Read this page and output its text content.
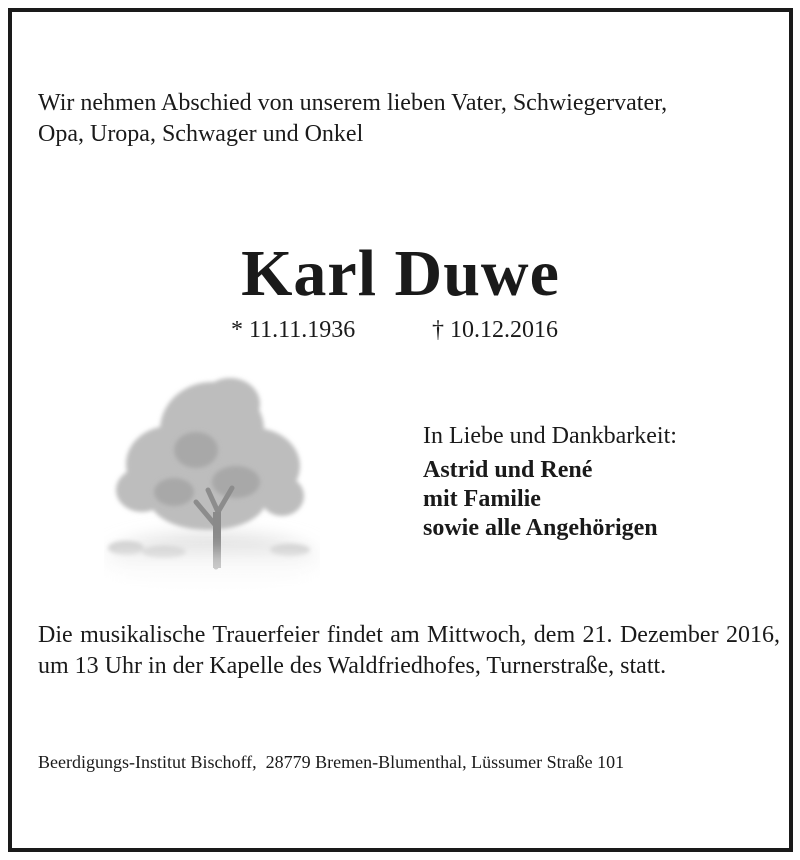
Wir nehmen Abschied von unserem lieben Vater, Schwiegervater,
Opa, Uropa, Schwager und Onkel
Karl Duwe
* 11.11.1936	† 10.12.2016
In Liebe und Dankbarkeit:
Astrid und René
mit Familie
sowie alle Angehörigen
Die musikalische Trauerfeier findet am Mittwoch, dem 21. Dezember 2016, um 13 Uhr in der Kapelle des Waldfriedhofes, Turnerstraße, statt.
Beerdigungs-Institut Bischoff,  28779 Bremen-Blumenthal, Lüssumer Straße 101
